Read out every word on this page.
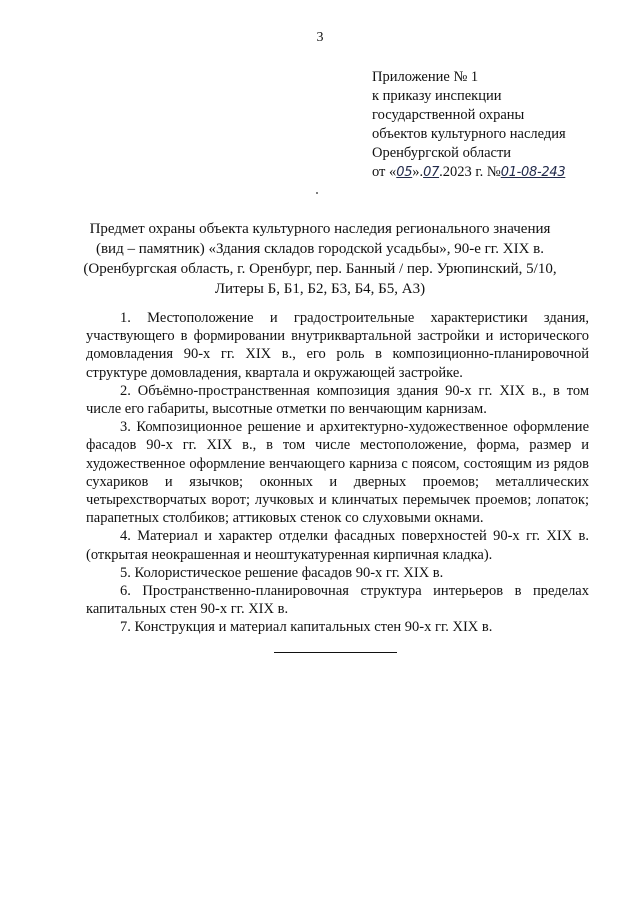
3
Приложение № 1
к приказу инспекции
государственной охраны
объектов культурного наследия
Оренбургской области
от «05».07.2023 г. №01-08-243
Предмет охраны объекта культурного наследия регионального значения
(вид – памятник) «Здания складов городской усадьбы», 90-е гг. XIX в.
(Оренбургская область, г. Оренбург, пер. Банный / пер. Урюпинский, 5/10,
Литеры Б, Б1, Б2, Б3, Б4, Б5, А3)

1. Местоположение и градостроительные характеристики здания, участвующего в формировании внутриквартальной застройки и исторического домовладения 90-х гг. XIX в., его роль в композиционно-планировочной структуре домовладения, квартала и окружающей застройке.

2. Объёмно-пространственная композиция здания 90-х гг. XIX в., в том числе его габариты, высотные отметки по венчающим карнизам.

3. Композиционное решение и архитектурно-художественное оформление фасадов 90-х гг. XIX в., в том числе местоположение, форма, размер и художественное оформление венчающего карниза с поясом, состоящим из рядов сухариков и язычков; оконных и дверных проемов; металлических четырехстворчатых ворот; лучковых и клинчатых перемычек проемов; лопаток; парапетных столбиков; аттиковых стенок со слуховыми окнами.

4. Материал и характер отделки фасадных поверхностей 90-х гг. XIX в. (открытая неокрашенная и неоштукатуренная кирпичная кладка).

5. Колористическое решение фасадов 90-х гг. XIX в.

6. Пространственно-планировочная структура интерьеров в пределах капитальных стен 90-х гг. XIX в.

7. Конструкция и материал капитальных стен 90-х гг. XIX в.
